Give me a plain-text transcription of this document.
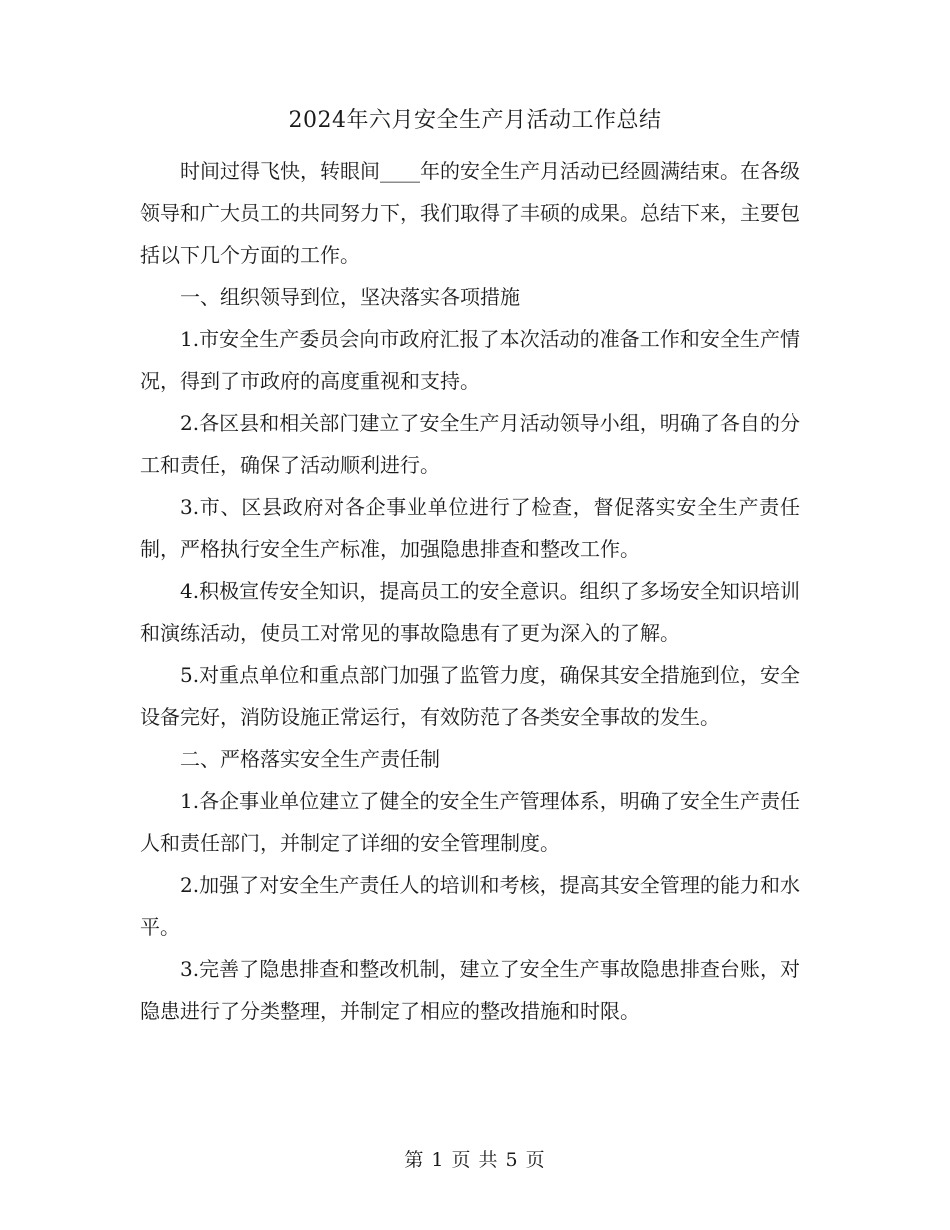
2024年六月安全生产月活动工作总结

时间过得飞快，转眼间____年的安全生产月活动已经圆满结束。在各级领导和广大员工的共同努力下，我们取得了丰硕的成果。总结下来，主要包括以下几个方面的工作。

一、组织领导到位，坚决落实各项措施

1.市安全生产委员会向市政府汇报了本次活动的准备工作和安全生产情况，得到了市政府的高度重视和支持。

2.各区县和相关部门建立了安全生产月活动领导小组，明确了各自的分工和责任，确保了活动顺利进行。

3.市、区县政府对各企事业单位进行了检查，督促落实安全生产责任制，严格执行安全生产标准，加强隐患排查和整改工作。

4.积极宣传安全知识，提高员工的安全意识。组织了多场安全知识培训和演练活动，使员工对常见的事故隐患有了更为深入的了解。

5.对重点单位和重点部门加强了监管力度，确保其安全措施到位，安全设备完好，消防设施正常运行，有效防范了各类安全事故的发生。

二、严格落实安全生产责任制

1.各企事业单位建立了健全的安全生产管理体系，明确了安全生产责任人和责任部门，并制定了详细的安全管理制度。

2.加强了对安全生产责任人的培训和考核，提高其安全管理的能力和水平。

3.完善了隐患排查和整改机制，建立了安全生产事故隐患排查台账，对隐患进行了分类整理，并制定了相应的整改措施和时限。

第 1 页 共 5 页
